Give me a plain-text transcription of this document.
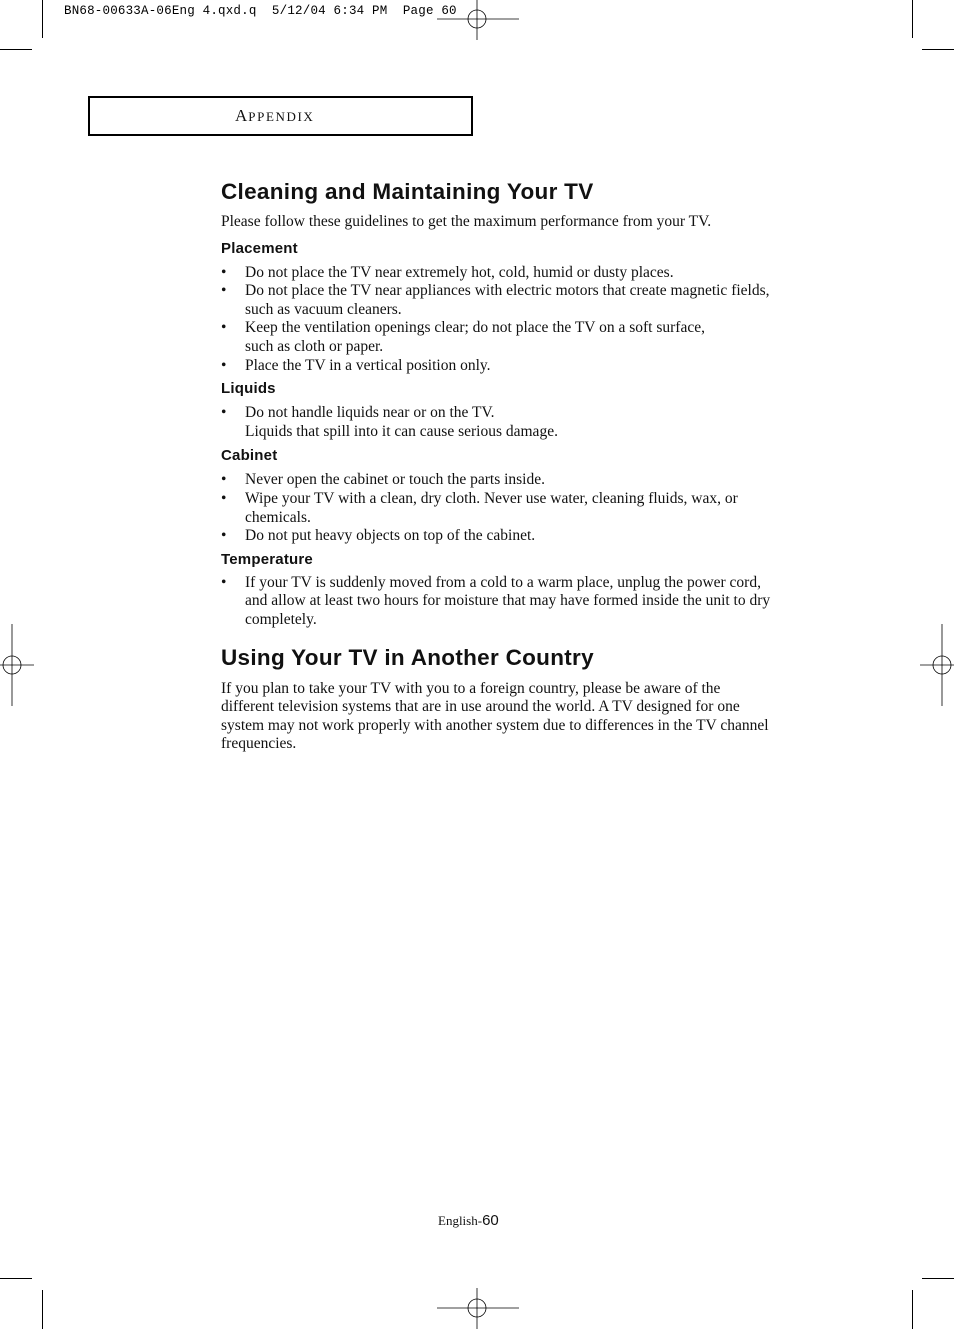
BN68-00633A-06Eng 4.qxd.q  5/12/04 6:34 PM  Page 60
APPENDIX
Cleaning and Maintaining Your TV

Please follow these guidelines to get the maximum performance from your TV.

Placement
• Do not place the TV near extremely hot, cold, humid or dusty places.
• Do not place the TV near appliances with electric motors that create magnetic fields,
such as vacuum cleaners.
• Keep the ventilation openings clear; do not place the TV on a soft surface,
such as cloth or paper.
• Place the TV in a vertical position only.
Liquids
• Do not handle liquids near or on the TV.
Liquids that spill into it can cause serious damage.
Cabinet
• Never open the cabinet or touch the parts inside.
• Wipe your TV with a clean, dry cloth. Never use water, cleaning fluids, wax, or
chemicals.
• Do not put heavy objects on top of the cabinet.
Temperature
• If your TV is suddenly moved from a cold to a warm place, unplug the power cord,
and allow at least two hours for moisture that may have formed inside the unit to dry
completely.
Using Your TV in Another Country

If you plan to take your TV with you to a foreign country, please be aware of the
different television systems that are in use around the world. A TV designed for one
system may not work properly with another system due to differences in the TV channel
frequencies.

English-60
